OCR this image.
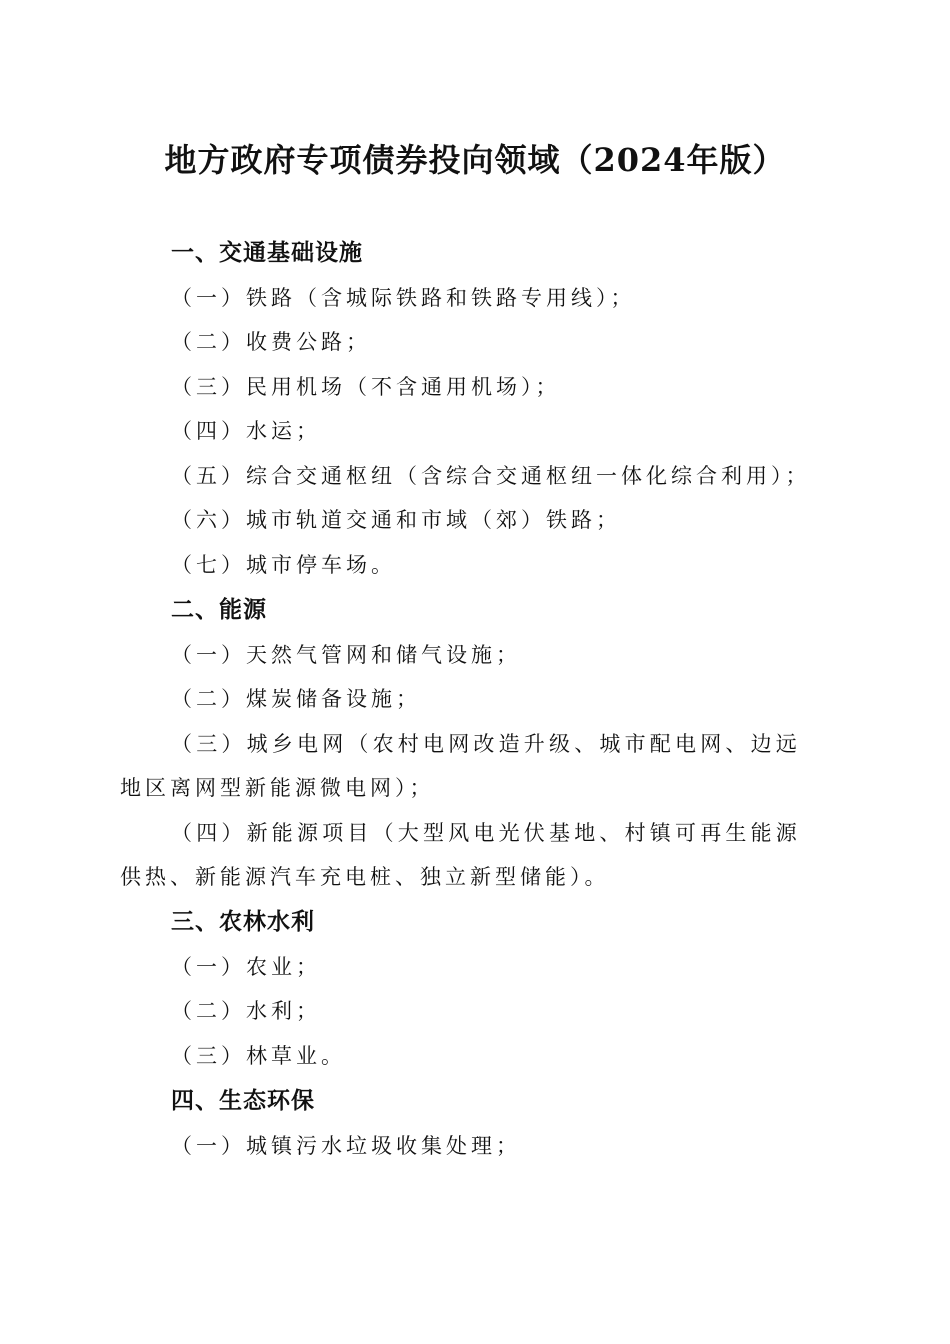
地方政府专项债券投向领域（2024年版）
一、交通基础设施
（一）铁路（含城际铁路和铁路专用线）；
（二）收费公路；
（三）民用机场（不含通用机场）；
（四）水运；
（五）综合交通枢纽（含综合交通枢纽一体化综合利用）；
（六）城市轨道交通和市域（郊）铁路；
（七）城市停车场。
二、能源
（一）天然气管网和储气设施；
（二）煤炭储备设施；
（三）城乡电网（农村电网改造升级、城市配电网、边远
地区离网型新能源微电网）；
（四）新能源项目（大型风电光伏基地、村镇可再生能源
供热、新能源汽车充电桩、独立新型储能）。
三、农林水利
（一）农业；
（二）水利；
（三）林草业。
四、生态环保
（一）城镇污水垃圾收集处理；
